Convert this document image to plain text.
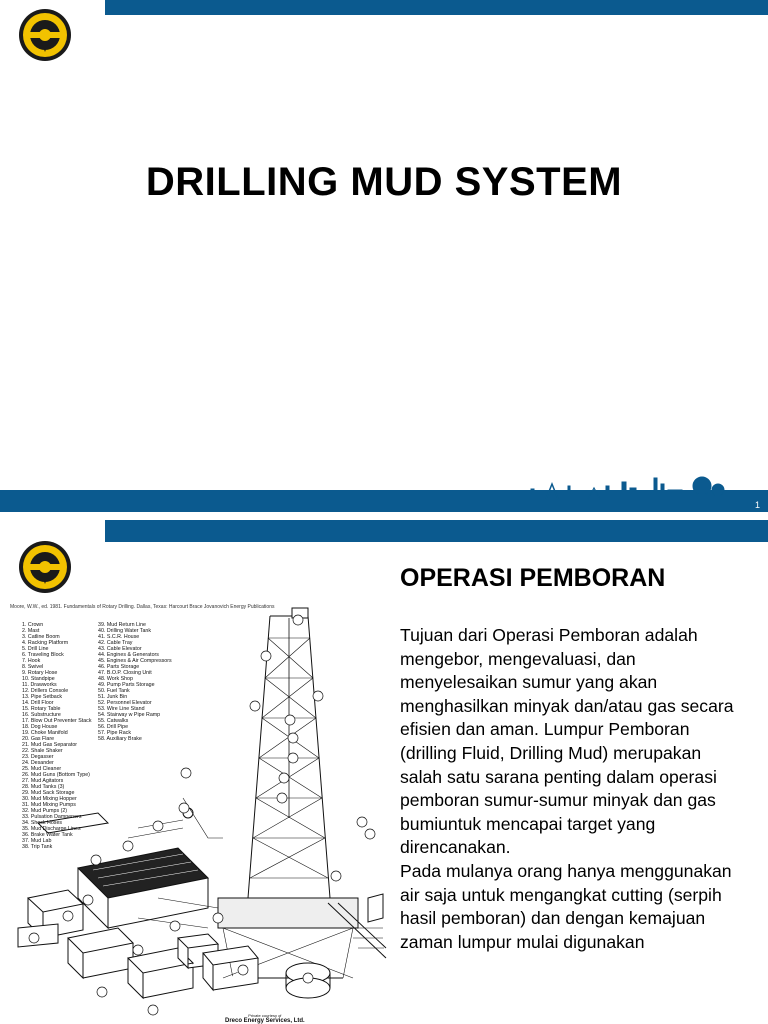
DRILLING MUD SYSTEM
1
OPERASI PEMBORAN

Tujuan dari Operasi Pemboran adalah mengebor, mengevaluasi, dan menyelesaikan sumur yang akan menghasilkan minyak dan/atau gas secara efisien dan aman. Lumpur Pemboran (drilling Fluid, Drilling Mud) merupakan salah satu sarana penting dalam operasi pemboran sumur-sumur minyak dan gas bumiuntuk mencapai target yang direncanakan.

Pada mulanya orang hanya menggunakan air saja untuk mengangkat cutting (serpih hasil pemboran) dan dengan kemajuan zaman lumpur mulai digunakan

Moore, W.W., ed. 1981. Fundamentals of Rotary Drilling. Dallas, Texas: Harcourt Brace Jovanovich Energy Publications
1. Crown
2. Mast
3. Catline Boom
4. Racking Platform
5. Drill Line
6. Traveling Block
7. Hook
8. Swivel
9. Rotary Hose
10. Standpipe
11. Drawworks
12. Drillers Console
13. Pipe Setback
14. Drill Floor
15. Rotary Table
16. Substructure
17. Blow Out Preventer Stack
18. Dog House
19. Choke Manifold
20. Gas Flare
21. Mud Gas Separator
22. Shale Shaker
23. Degasser
24. Desander
25. Mud Cleaner
26. Mud Guns (Bottom Type)
27. Mud Agitators
28. Mud Tanks (3)
29. Mud Sack Storage
30. Mud Mixing Hopper
31. Mud Mixing Pumps
32. Mud Pumps (2)
33. Pulsation Dampeners
34. Shock Hoses
35. Mud Discharge Lines
36. Brake Water Tank
37. Mud Lab
38. Trip Tank
39. Mud Return Line
40. Drilling Water Tank
41. S.C.R. House
42. Cable Tray
43. Cable Elevator
44. Engines & Generators
45. Engines & Air Compressors
46. Parts Storage
47. B.O.P. Closing Unit
48. Work Shop
49. Pump Parts Storage
50. Fuel Tank
51. Junk Bin
52. Personnel Elevator
53. Wire Line Stand
54. Stairway w Pipe Ramp
55. Catwalks
56. Drill Pipe
57. Pipe Rack
58. Auxiliary Brake
Private courtesy of
Dreco Energy Services, Ltd.
